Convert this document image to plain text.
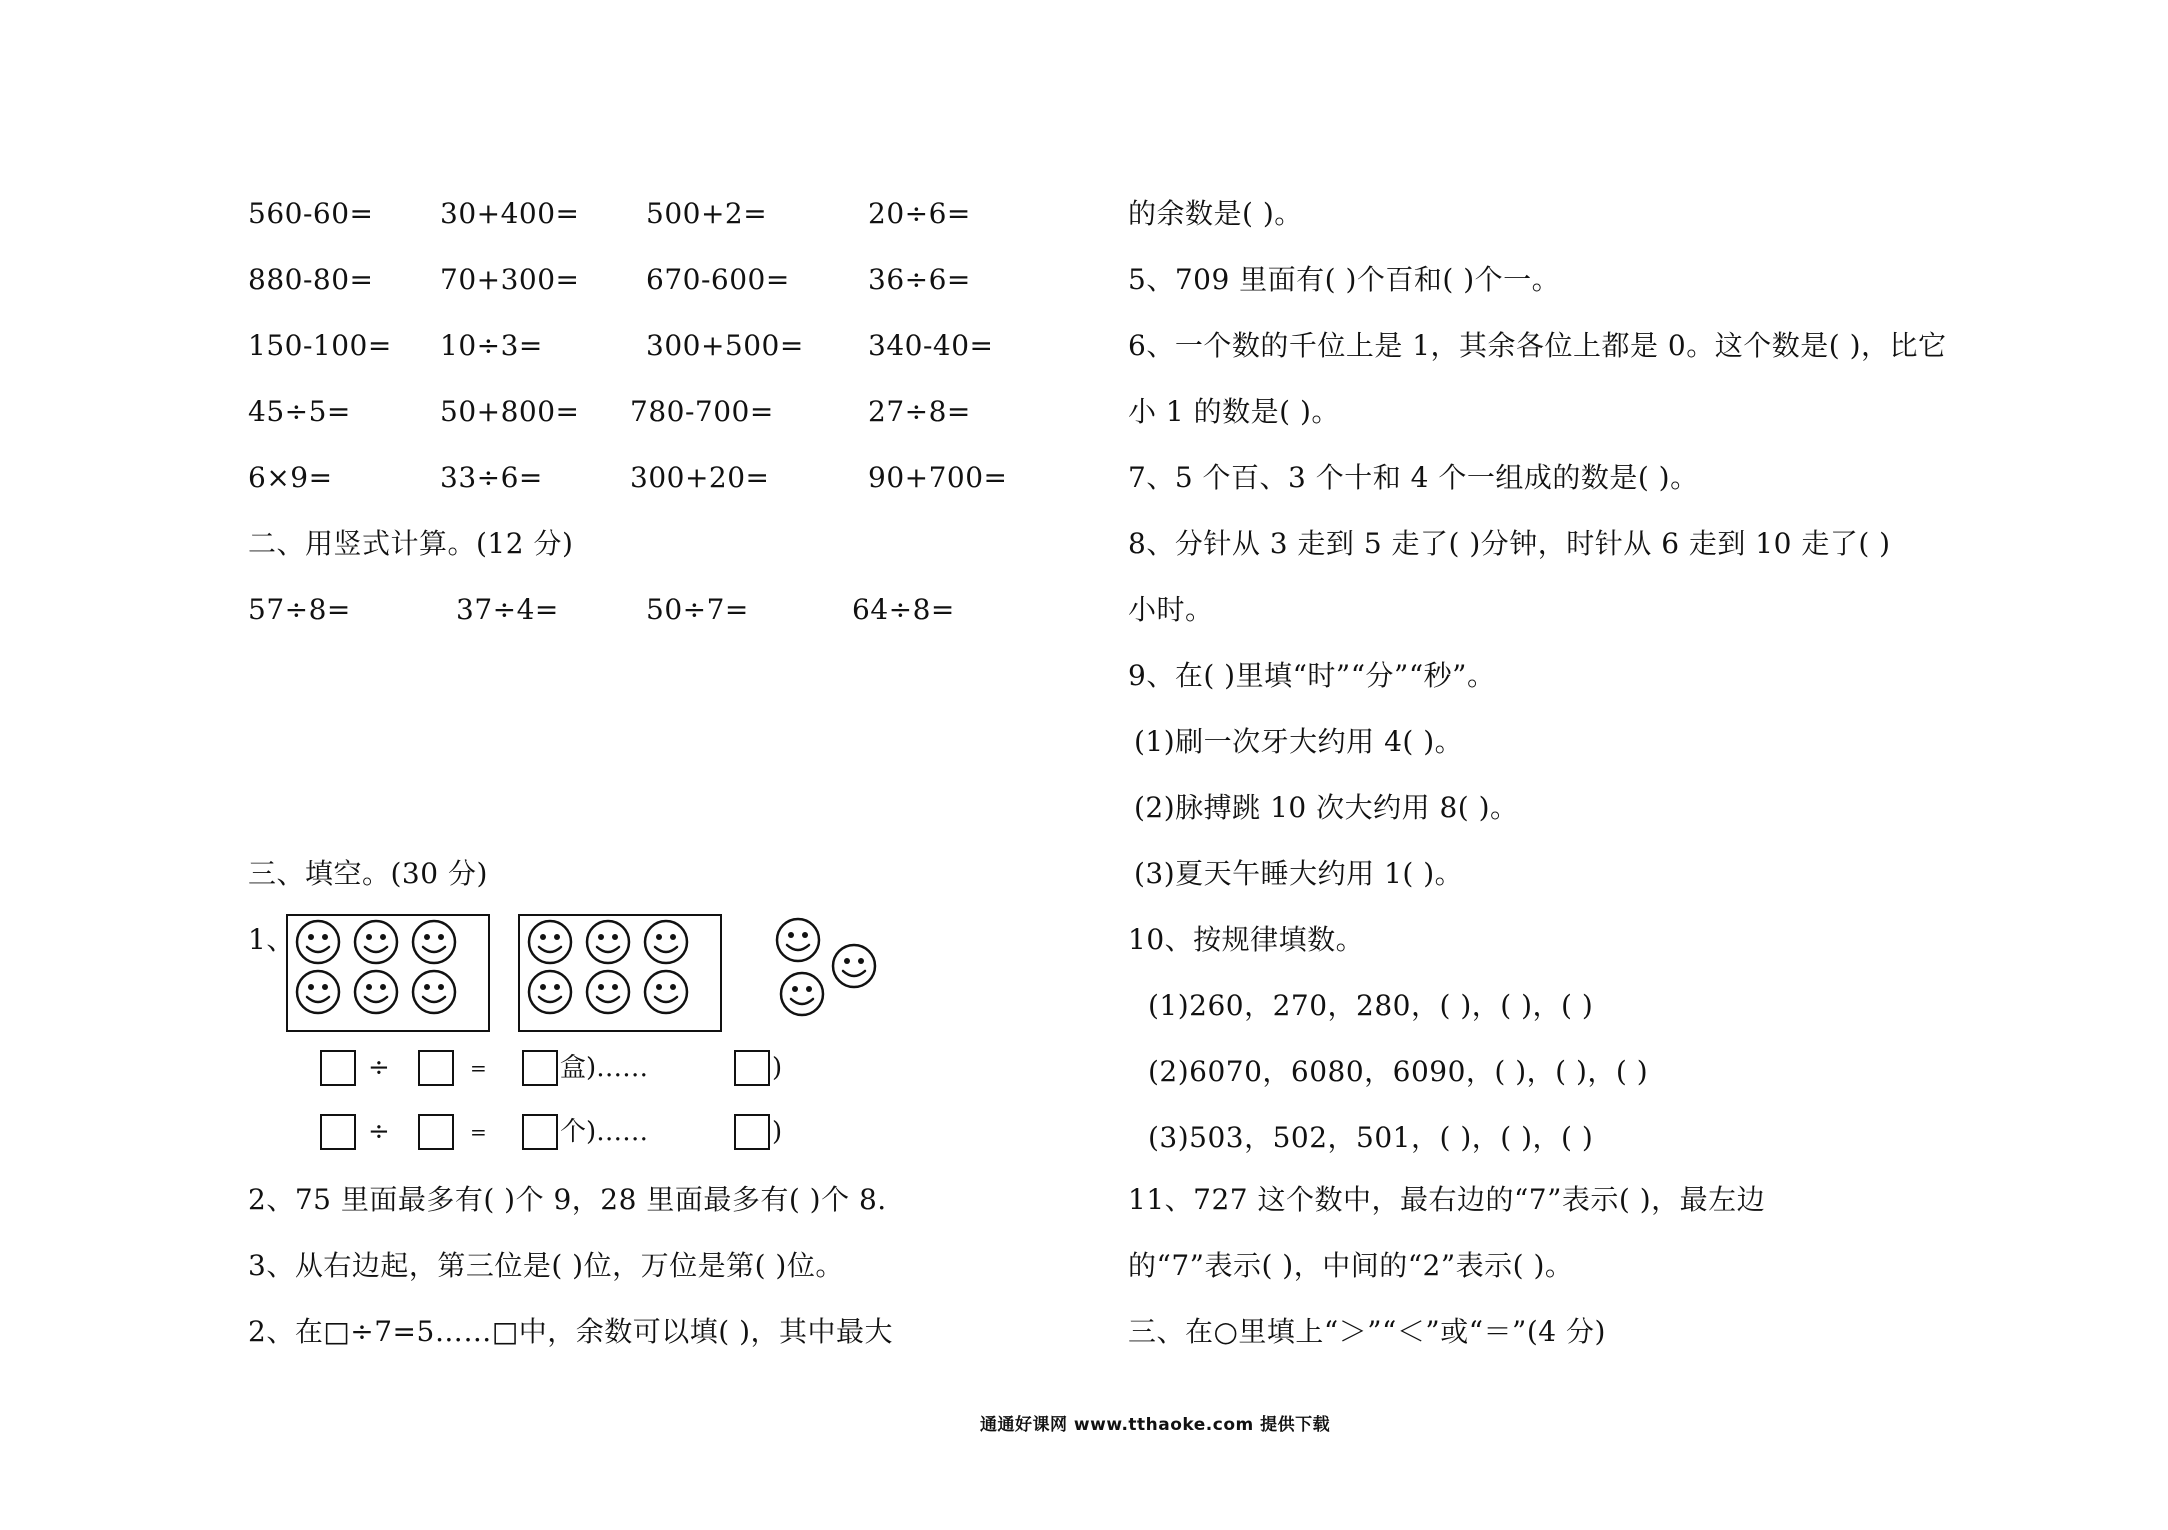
560-60= 30+400= 500+2=	20÷6=
880-80= 70+300= 670-600=	36÷6=
150-100= 10÷3=	300+500= 340-40=
45÷5=	50+800= 780-700=	27÷8=
6×9=	33÷6=	300+20=	90+700=
二、用竖式计算。(12 分)
57÷8=	37÷4=	50÷7=	64÷8=
三、填空。(30 分)
1、
÷	=	盒)……	)
÷	=	个)……	)
2、75 里面最多有( )个 9，28 里面最多有( )个 8.
3、从右边起，第三位是( )位，万位是第( )位。
2、在□÷7=5……□中，余数可以填( )，其中最大
的余数是( )。
5、709 里面有( )个百和( )个一。
6、一个数的千位上是 1，其余各位上都是 0。这个数是( )，比它
小 1 的数是( )。
7、5 个百、3 个十和 4 个一组成的数是( )。
8、分针从 3 走到 5 走了( )分钟，时针从 6 走到 10 走了( )
小时。
9、在( )里填“时”“分”“秒”。
(1)刷一次牙大约用 4( )。
(2)脉搏跳 10 次大约用 8( )。
(3)夏天午睡大约用 1( )。
10、按规律填数。
(1)260，270，280，( )，( )，( )
(2)6070，6080，6090，( )，( )，( )
(3)503，502，501，( )，( )，( )
11、727 这个数中，最右边的“7”表示( )，最左边
的“7”表示( )，中间的“2”表示( )。
三、在○里填上“＞”“＜”或“＝”(4 分)
通通好课网 www.tthaoke.com 提供下载
